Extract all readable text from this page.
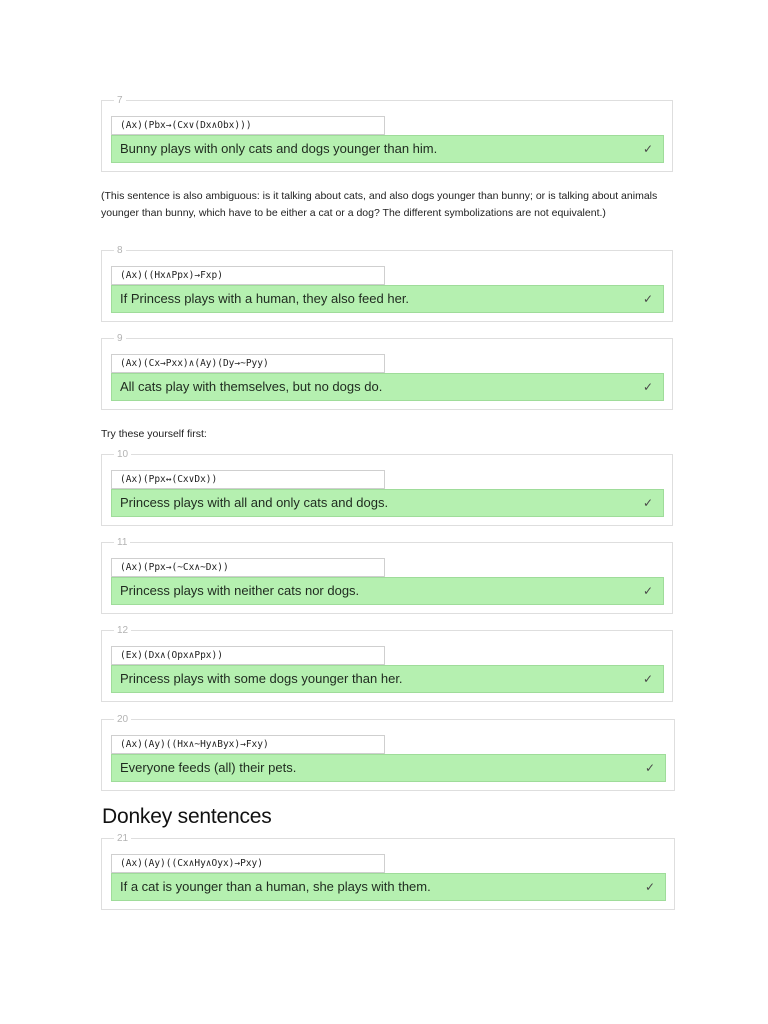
7
(Ax)(Pbx→(Cx∨(Dx∧Obx)))
Bunny plays with only cats and dogs younger than him.	✓
(This sentence is also ambiguous: is it talking about cats, and also dogs younger than bunny; or is talking about animals younger than bunny, which have to be either a cat or a dog? The different symbolizations are not equivalent.)
8
(Ax)((Hx∧Ppx)→Fxp)
If Princess plays with a human, they also feed her.	✓
9
(Ax)(Cx→Pxx)∧(Ay)(Dy→~Pyy)
All cats play with themselves, but no dogs do.	✓
Try these yourself first:
10
(Ax)(Ppx↔(Cx∨Dx))
Princess plays with all and only cats and dogs.	✓
11
(Ax)(Ppx→(~Cx∧~Dx))
Princess plays with neither cats nor dogs.	✓
12
(Ex)(Dx∧(Opx∧Ppx))
Princess plays with some dogs younger than her.	✓
20
(Ax)(Ay)((Hx∧~Hy∧Byx)→Fxy)
Everyone feeds (all) their pets.	✓
Donkey sentences
21
(Ax)(Ay)((Cx∧Hy∧Oyx)→Pxy)
If a cat is younger than a human, she plays with them.	✓
